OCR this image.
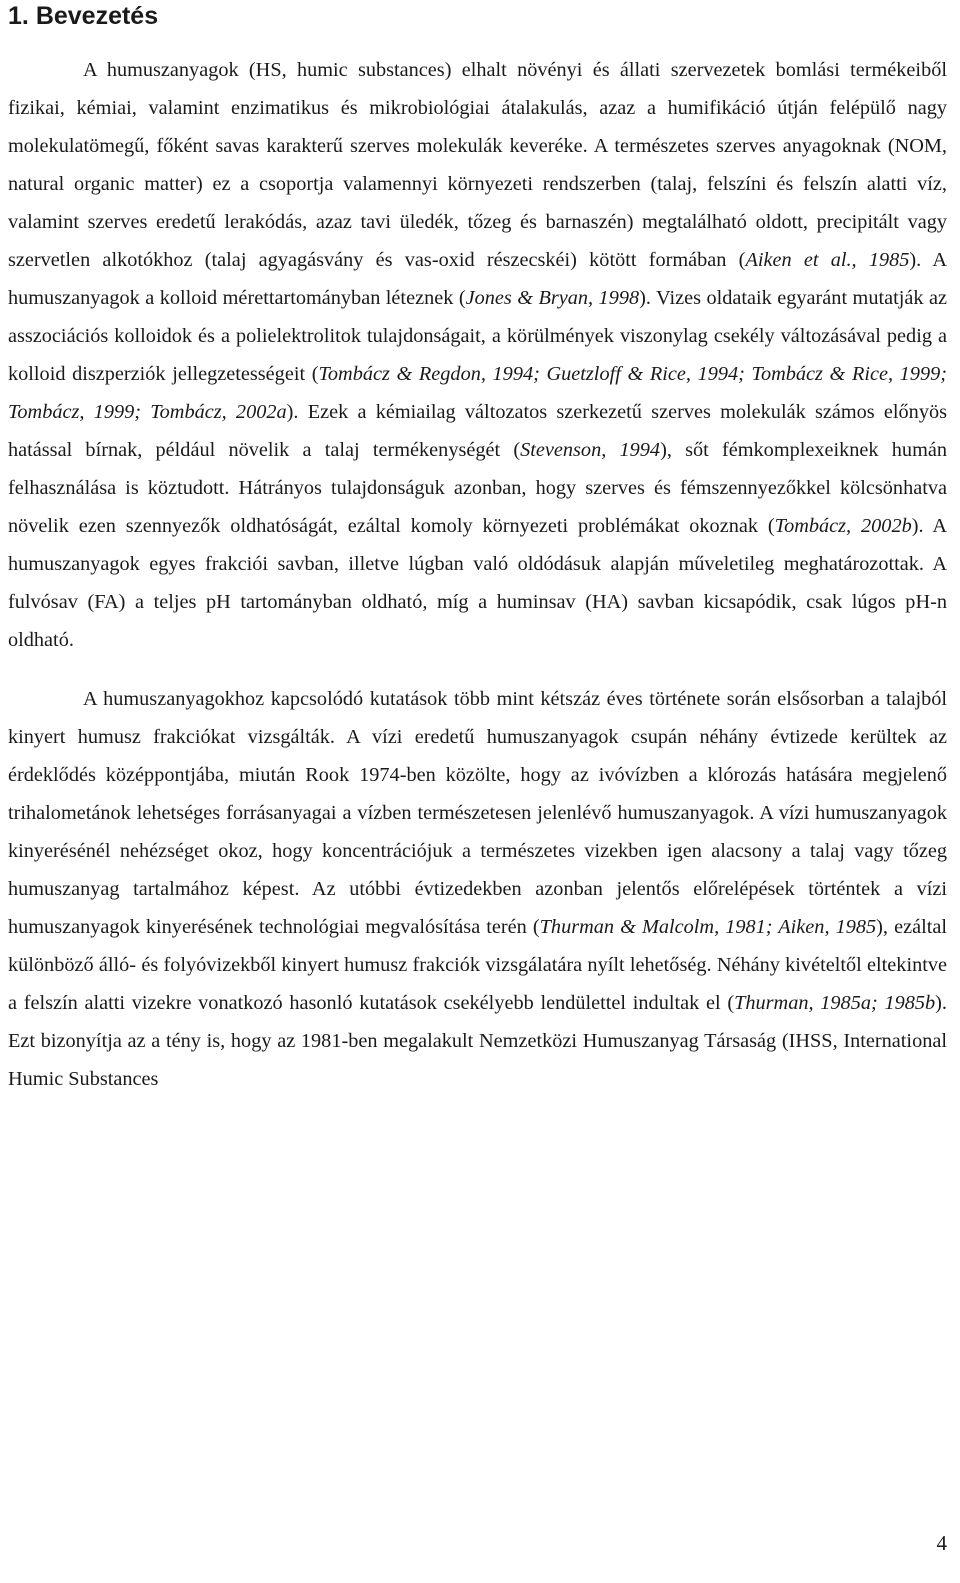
1. Bevezetés

A humuszanyagok (HS, humic substances) elhalt növényi és állati szervezetek bomlási termékeiből fizikai, kémiai, valamint enzimatikus és mikrobiológiai átalakulás, azaz a humifikáció útján felépülő nagy molekulatömegű, főként savas karakterű szerves molekulák keveréke. A természetes szerves anyagoknak (NOM, natural organic matter) ez a csoportja valamennyi környezeti rendszerben (talaj, felszíni és felszín alatti víz, valamint szerves eredetű lerakódás, azaz tavi üledék, tőzeg és barnaszén) megtalálható oldott, precipitált vagy szervetlen alkotókhoz (talaj agyagásvány és vas-oxid részecskéi) kötött formában (Aiken et al., 1985). A humuszanyagok a kolloid mérettartományban léteznek (Jones & Bryan, 1998). Vizes oldataik egyaránt mutatják az asszociációs kolloidok és a polielektrolitok tulajdonságait, a körülmények viszonylag csekély változásával pedig a kolloid diszperziók jellegzetességeit (Tombácz & Regdon, 1994; Guetzloff & Rice, 1994; Tombácz & Rice, 1999; Tombácz, 1999; Tombácz, 2002a). Ezek a kémiailag változatos szerkezetű szerves molekulák számos előnyös hatással bírnak, például növelik a talaj termékenységét (Stevenson, 1994), sőt fémkomplexeiknek humán felhasználása is köztudott. Hátrányos tulajdonságuk azonban, hogy szerves és fémszennyezőkkel kölcsönhatva növelik ezen szennyezők oldhatóságát, ezáltal komoly környezeti problémákat okoznak (Tombácz, 2002b). A humuszanyagok egyes frakciói savban, illetve lúgban való oldódásuk alapján műveletileg meghatározottak. A fulvósav (FA) a teljes pH tartományban oldható, míg a huminsav (HA) savban kicsapódik, csak lúgos pH-n oldható.

A humuszanyagokhoz kapcsolódó kutatások több mint kétszáz éves története során elsősorban a talajból kinyert humusz frakciókat vizsgálták. A vízi eredetű humuszanyagok csupán néhány évtizede kerültek az érdeklődés középpontjába, miután Rook 1974-ben közölte, hogy az ivóvízben a klórozás hatására megjelenő trihalometánok lehetséges forrásanyagai a vízben természetesen jelenlévő humuszanyagok. A vízi humuszanyagok kinyerésénél nehézséget okoz, hogy koncentrációjuk a természetes vizekben igen alacsony a talaj vagy tőzeg humuszanyag tartalmához képest. Az utóbbi évtizedekben azonban jelentős előrelépések történtek a vízi humuszanyagok kinyerésének technológiai megvalósítása terén (Thurman & Malcolm, 1981; Aiken, 1985), ezáltal különböző álló- és folyóvizekből kinyert humusz frakciók vizsgálatára nyílt lehetőség. Néhány kivételtől eltekintve a felszín alatti vizekre vonatkozó hasonló kutatások csekélyebb lendülettel indultak el (Thurman, 1985a; 1985b). Ezt bizonyítja az a tény is, hogy az 1981-ben megalakult Nemzetközi Humuszanyag Társaság (IHSS, International Humic Substances

4
